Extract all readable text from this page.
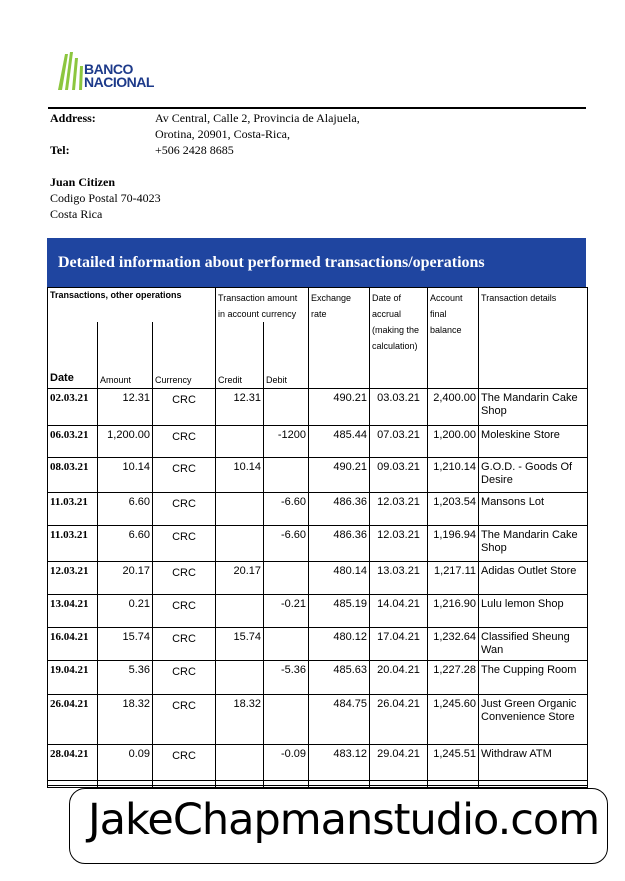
BANCO
NACIONAL
Address:	Av Central, Calle 2, Provincia de Alajuela,
Orotina, 20901, Costa-Rica,
Tel:	+506 2428 8685
Juan Citizen
Codigo Postal 70-4023
Costa Rica
Detailed information about performed transactions/operations
Transactions, other operations			Transaction amount in account currency		Exchange rate	Date of accrual (making the calculation)	Account final balance	Transaction details
Date	Amount	Currency	Credit	Debit				
02.03.21	12.31	CRC	12.31		490.21	03.03.21	2,400.00	The Mandarin Cake Shop
06.03.21	1,200.00	CRC		-1200	485.44	07.03.21	1,200.00	Moleskine Store
08.03.21	10.14	CRC	10.14		490.21	09.03.21	1,210.14	G.O.D. - Goods Of Desire
11.03.21	6.60	CRC		-6.60	486.36	12.03.21	1,203.54	Mansons Lot
11.03.21	6.60	CRC		-6.60	486.36	12.03.21	1,196.94	The Mandarin Cake Shop
12.03.21	20.17	CRC	20.17		480.14	13.03.21	1,217.11	Adidas Outlet Store
13.04.21	0.21	CRC		-0.21	485.19	14.04.21	1,216.90	Lulu lemon Shop
16.04.21	15.74	CRC	15.74		480.12	17.04.21	1,232.64	Classified Sheung Wan
19.04.21	5.36	CRC		-5.36	485.63	20.04.21	1,227.28	The Cupping Room
26.04.21	18.32	CRC	18.32		484.75	26.04.21	1,245.60	Just Green Organic Convenience Store
28.04.21	0.09	CRC		-0.09	483.12	29.04.21	1,245.51	Withdraw ATM

JakeChapmanstudio.com
